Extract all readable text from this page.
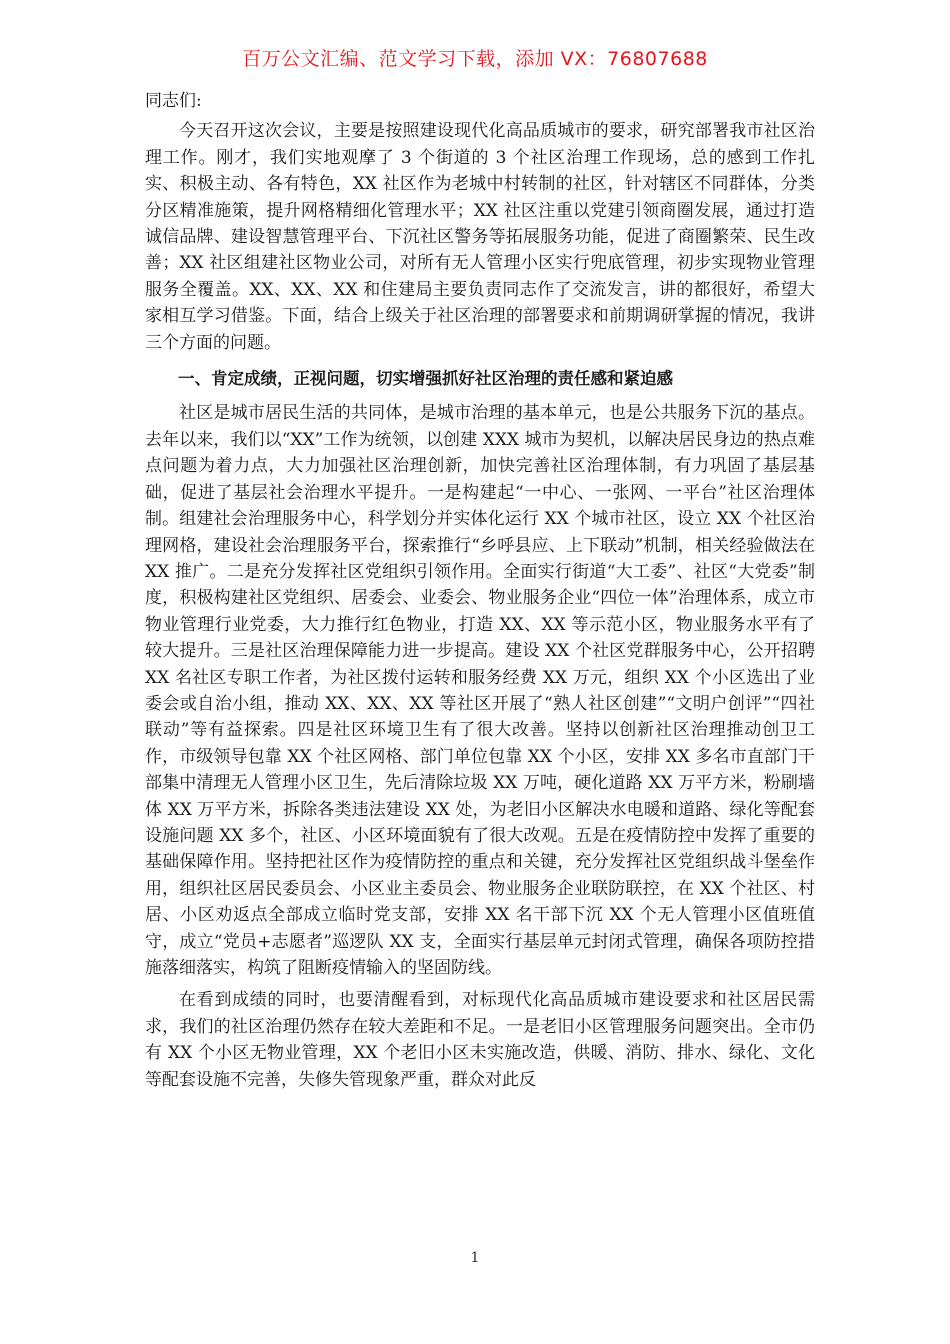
百万公文汇编、范文学习下载，添加 VX：76807688

同志们:

今天召开这次会议，主要是按照建设现代化高品质城市的要求，研究部署我市社区治理工作。刚才，我们实地观摩了 3 个街道的 3 个社区治理工作现场，总的感到工作扎实、积极主动、各有特色，XX 社区作为老城中村转制的社区，针对辖区不同群体，分类分区精准施策，提升网格精细化管理水平；XX 社区注重以党建引领商圈发展，通过打造诚信品牌、建设智慧管理平台、下沉社区警务等拓展服务功能，促进了商圈繁荣、民生改善；XX 社区组建社区物业公司，对所有无人管理小区实行兜底管理，初步实现物业管理服务全覆盖。XX、XX、XX 和住建局主要负责同志作了交流发言，讲的都很好，希望大家相互学习借鉴。下面，结合上级关于社区治理的部署要求和前期调研掌握的情况，我讲三个方面的问题。

一、肯定成绩，正视问题，切实增强抓好社区治理的责任感和紧迫感

社区是城市居民生活的共同体，是城市治理的基本单元，也是公共服务下沉的基点。去年以来，我们以“XX”工作为统领，以创建 XXX 城市为契机，以解决居民身边的热点难点问题为着力点，大力加强社区治理创新，加快完善社区治理体制，有力巩固了基层基础，促进了基层社会治理水平提升。一是构建起“一中心、一张网、一平台”社区治理体制。组建社会治理服务中心，科学划分并实体化运行 XX 个城市社区，设立 XX 个社区治理网格，建设社会治理服务平台，探索推行“乡呼县应、上下联动”机制，相关经验做法在 XX 推广。二是充分发挥社区党组织引领作用。全面实行街道“大工委”、社区“大党委”制度，积极构建社区党组织、居委会、业委会、物业服务企业“四位一体”治理体系，成立市物业管理行业党委，大力推行红色物业，打造 XX、XX 等示范小区，物业服务水平有了较大提升。三是社区治理保障能力进一步提高。建设 XX 个社区党群服务中心，公开招聘 XX 名社区专职工作者，为社区拨付运转和服务经费 XX 万元，组织 XX 个小区选出了业委会或自治小组，推动 XX、XX、XX 等社区开展了“熟人社区创建”“文明户创评”“四社联动”等有益探索。四是社区环境卫生有了很大改善。坚持以创新社区治理推动创卫工作，市级领导包靠 XX 个社区网格、部门单位包靠 XX 个小区，安排 XX 多名市直部门干部集中清理无人管理小区卫生，先后清除垃圾 XX 万吨，硬化道路 XX 万平方米，粉刷墙体 XX 万平方米，拆除各类违法建设 XX 处，为老旧小区解决水电暖和道路、绿化等配套设施问题 XX 多个，社区、小区环境面貌有了很大改观。五是在疫情防控中发挥了重要的基础保障作用。坚持把社区作为疫情防控的重点和关键，充分发挥社区党组织战斗堡垒作用，组织社区居民委员会、小区业主委员会、物业服务企业联防联控，在 XX 个社区、村居、小区劝返点全部成立临时党支部，安排 XX 名干部下沉 XX 个无人管理小区值班值守，成立“党员+志愿者”巡逻队 XX 支，全面实行基层单元封闭式管理，确保各项防控措施落细落实，构筑了阻断疫情输入的坚固防线。

在看到成绩的同时，也要清醒看到，对标现代化高品质城市建设要求和社区居民需求，我们的社区治理仍然存在较大差距和不足。一是老旧小区管理服务问题突出。全市仍有 XX 个小区无物业管理，XX 个老旧小区未实施改造，供暖、消防、排水、绿化、文化等配套设施不完善，失修失管现象严重，群众对此反

1
